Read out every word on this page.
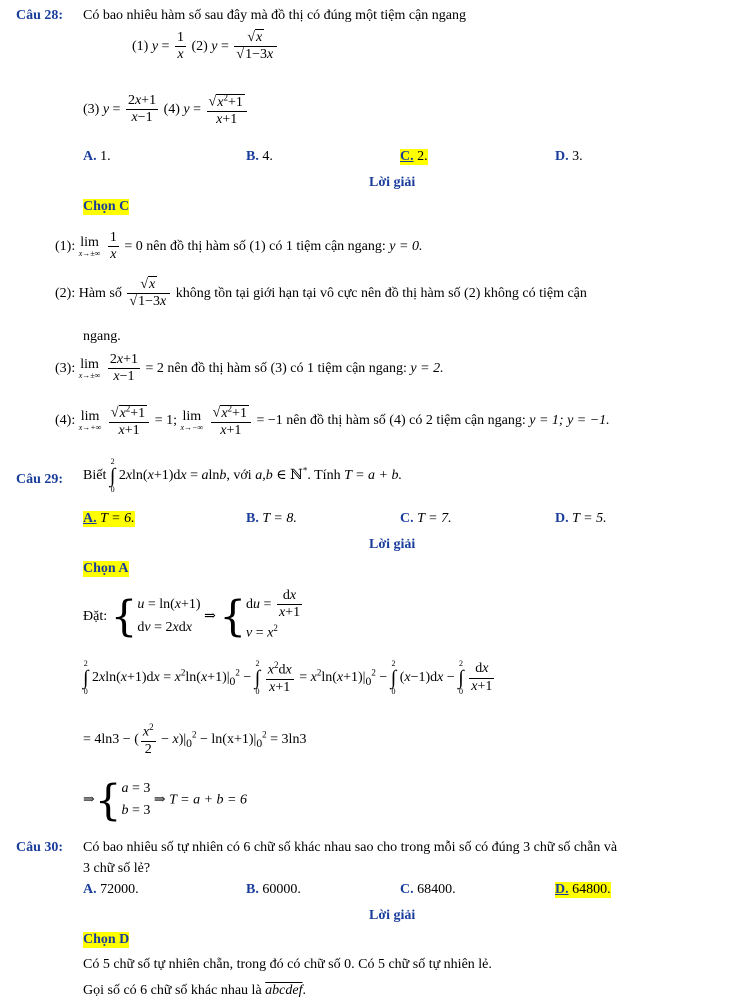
Câu 28: Có bao nhiêu hàm số sau đây mà đồ thị có đúng một tiệm cận ngang
(1) $y = \frac{1}{x} (2) y = \frac{√x}{√1-3x}$
(3) $y = \frac{2x+1}{x-1} (4) y = \frac{√x^2+1}{x+1}$
A. 1.	B. 4.	C. 2.	D. 3.
Lời giải
Chọn C
(1): lim
x→±∞
$\frac{1}{x} = 0$ nên đồ thị hàm số (1) có 1 tiệm cận ngang: y = 0.
(2): Hàm số $\frac{√x}{√1-3x}$ không tồn tại giới hạn tại vô cực nên đồ thị hàm số (2) không có tiệm cận
ngang.
(3): lim
x→±∞
$\frac{2x+1}{x-1} = 2$ nên đồ thị hàm số (3) có 1 tiệm cận ngang: y = 2.
(4): lim
x→+∞
$\frac{√x^2+1}{x+1} = 1$; lim
x→−∞
$\frac{√x^2+1}{x+1} = -1$ nên đồ thị hàm số (4) có 2 tiệm cận ngang: y = 1; y = −1.
Câu 29: Biết
2
∫
0
2xln(x+1)dx = alnb, với a,b ∈ ℕ*. Tính T = a + b.
A. T = 6.	B. T = 8.	C. T = 7.	D. T = 5.
Lời giải
Chọn A
Đặt: {u = ln(x+1)
dv = 2xdx ⇒ {$du = \frac{dx}{x+1}$

$v = x^2$
2
∫
0
$2xln(x+1)dx = x^2\ln(x+1)|_0^2$ −
2
∫
0
$\frac{x^2dx}{x+1} = x^2\ln(x+1)|_0^2$ −
2
∫
0
(x−1)dx −
2
∫
0
$\frac{dx}{x+1}$
= 4ln3 − ( $\frac{x^2}{2} - x)|_0^2 - \ln(x+1)|_0^2 = 3\ln 3$
⇒{a = 3
b = 3 ⇒ T = a + b = 6
Câu 30: Có bao nhiêu số tự nhiên có 6 chữ số khác nhau sao cho trong mỗi số có đúng 3 chữ số chẵn và
3 chữ số lẻ?
A. 72000.	B. 60000.	C. 68400.	D. 64800.
Lời giải
Chọn D
Có 5 chữ số tự nhiên chẵn, trong đó có chữ số 0. Có 5 chữ số tự nhiên lẻ.
Gọi số có 6 chữ số khác nhau là abcdef.
